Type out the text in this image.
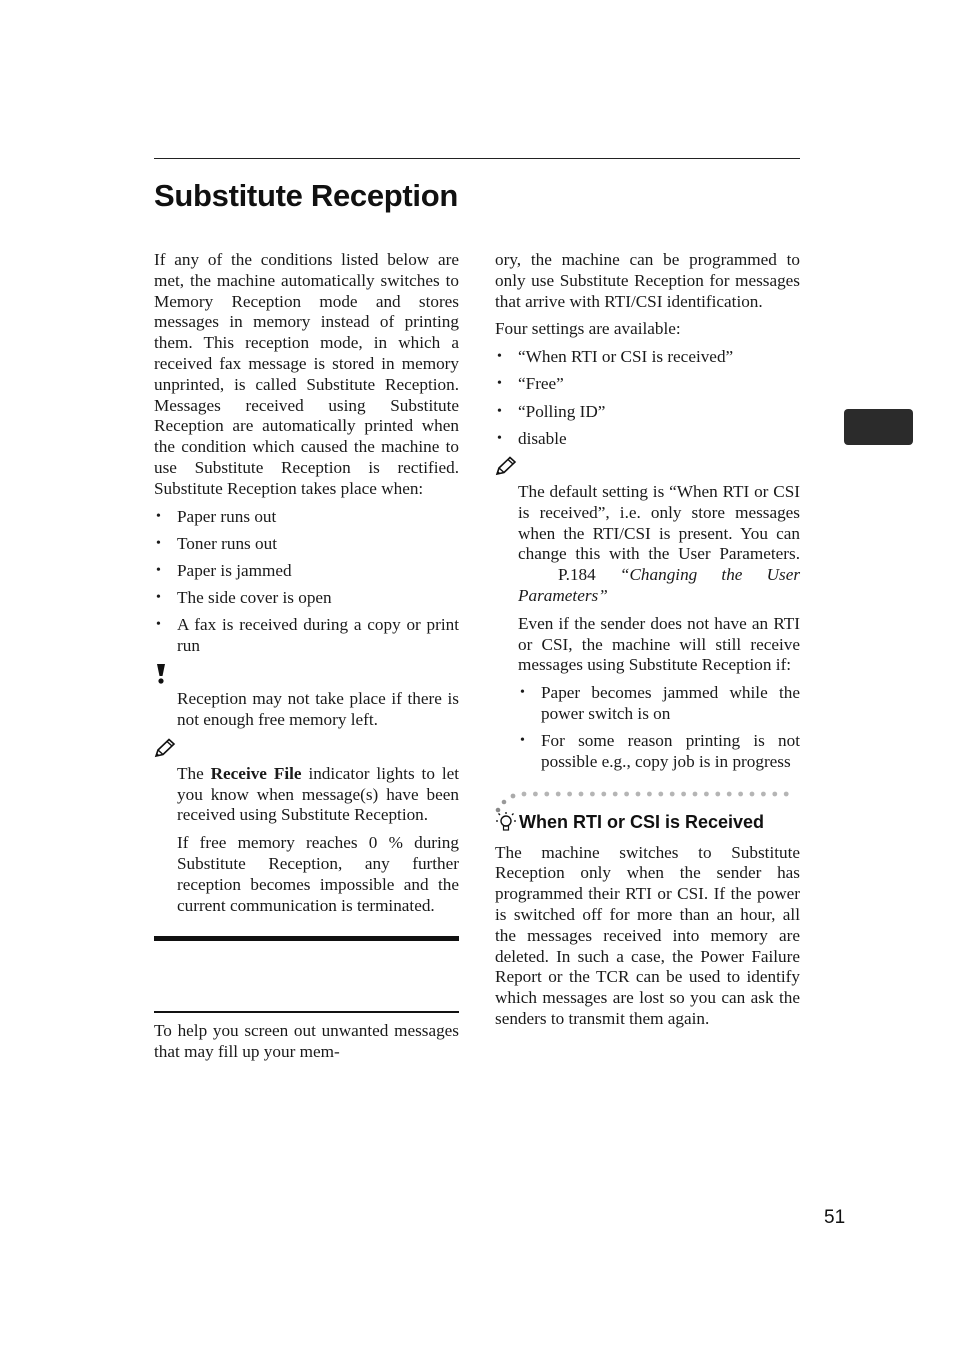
Substitute Reception

If any of the conditions listed below are met, the machine automatically switches to Memory Reception mode and stores messages in memory instead of printing them. This reception mode, in which a received fax message is stored in memory unprinted, is called Substitute Reception. Messages received using Substitute Reception are automatically printed when the condition which caused the machine to use Substitute Reception is rectified. Substitute Reception takes place when:

• Paper runs out
• Toner runs out
• Paper is jammed
• The side cover is open
• A fax is received during a copy or print run

Reception may not take place if there is not enough free memory left.

The Receive File indicator lights to let you know when message(s) have been received using Substitute Reception.

If free memory reaches 0 % during Substitute Reception, any further reception becomes impossible and the current communication is terminated.

To help you screen out unwanted messages that may fill up your mem-

ory, the machine can be programmed to only use Substitute Reception for messages that arrive with RTI/CSI identification.

Four settings are available:

• “When RTI or CSI is received”
• “Free”
• “Polling ID”
• disable

The default setting is “When RTI or CSI is received”, i.e. only store messages when the RTI/CSI is present. You can change this with the User Parameters.P.184 “Changing the User Parameters”

Even if the sender does not have an RTI or CSI, the machine will still receive messages using Substitute Reception if:

• Paper becomes jammed while the power switch is on
• For some reason printing is not possible e.g., copy job is in progress
When RTI or CSI is Received

The machine switches to Substitute Reception only when the sender has programmed their RTI or CSI. If the power is switched off for more than an hour, all the messages received into memory are deleted. In such a case, the Power Failure Report or the TCR can be used to identify which messages are lost so you can ask the senders to transmit them again.

51
